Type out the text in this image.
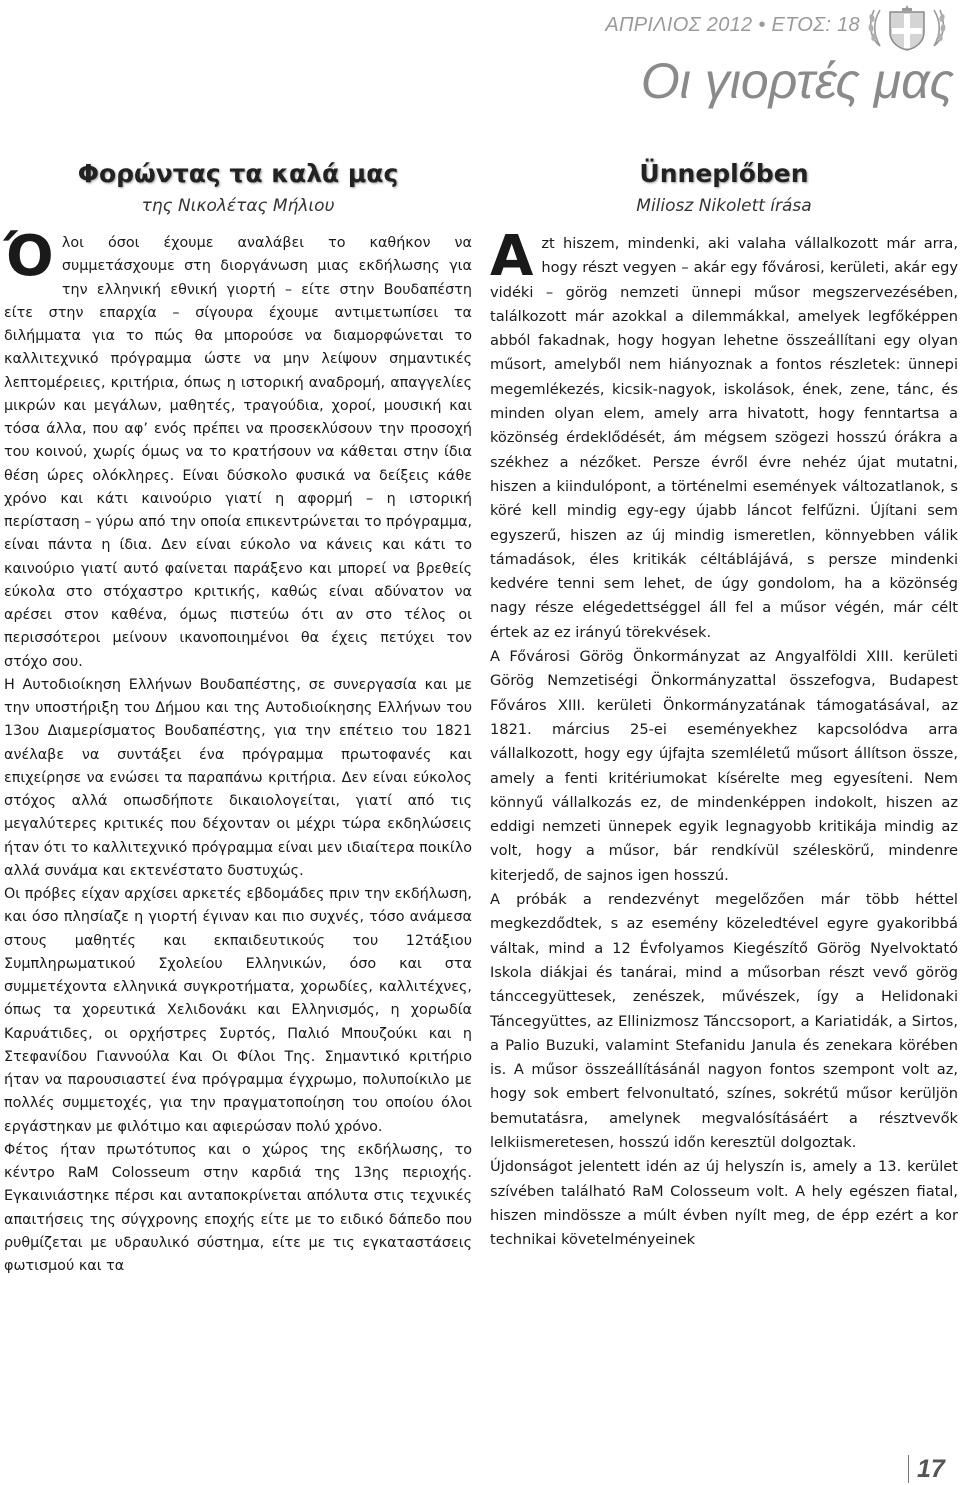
ΑΠΡΙΛΙΟΣ 2012 • ΕΤΟΣ: 18
Οι γιορτές μας
Φορώντας τα καλά μας
της Νικολέτας Μήλιου

Όλοι όσοι έχουμε αναλάβει το καθήκον να συμμετάσχουμε στη διοργάνωση μιας εκδήλωσης για την ελληνική εθνική γιορτή – είτε στην Βουδαπέστη είτε στην επαρχία – σίγουρα έχουμε αντιμετωπίσει τα διλήμματα για το πώς θα μπορούσε να διαμορφώνεται το καλλιτεχνικό πρόγραμμα ώστε να μην λείψουν σημαντικές λεπτομέρειες, κριτήρια, όπως η ιστορική αναδρομή, απαγγελίες μικρών και μεγάλων, μαθητές, τραγούδια, χοροί, μουσική και τόσα άλλα, που αφ’ ενός πρέπει να προσεκλύσουν την προσοχή του κοινού, χωρίς όμως να το κρατήσουν να κάθεται στην ίδια θέση ώρες ολόκληρες. Είναι δύσκολο φυσικά να δείξεις κάθε χρόνο και κάτι καινούριο γιατί η αφορμή – η ιστορική περίσταση – γύρω από την οποία επικεντρώνεται το πρόγραμμα, είναι πάντα η ίδια. Δεν είναι εύκολο να κάνεις και κάτι το καινούριο γιατί αυτό φαίνεται παράξενο και μπορεί να βρεθείς εύκολα στο στόχαστρο κριτικής, καθώς είναι αδύνατον να αρέσει στον καθένα, όμως πιστεύω ότι αν στο τέλος οι περισσότεροι μείνουν ικανοποιημένοι θα έχεις πετύχει τον στόχο σου.

Η Αυτοδιοίκηση Ελλήνων Βουδαπέστης, σε συνεργασία και με την υποστήριξη του Δήμου και της Αυτοδιοίκησης Ελλήνων του 13ου Διαμερίσματος Βουδαπέστης, για την επέτειο του 1821 ανέλαβε να συντάξει ένα πρόγραμμα πρωτοφανές και επιχείρησε να ενώσει τα παραπάνω κριτήρια. Δεν είναι εύκολος στόχος αλλά οπωσδήποτε δικαιολογείται, γιατί από τις μεγαλύτερες κριτικές που δέχονταν οι μέχρι τώρα εκδηλώσεις ήταν ότι το καλλιτεχνικό πρόγραμμα είναι μεν ιδιαίτερα ποικίλο αλλά συνάμα και εκτενέστατο δυστυχώς.

Οι πρόβες είχαν αρχίσει αρκετές εβδομάδες πριν την εκδήλωση, και όσο πλησίαζε η γιορτή έγιναν και πιο συχνές, τόσο ανάμεσα στους μαθητές και εκπαιδευτικούς του 12τάξιου Συμπληρωματικού Σχολείου Ελληνικών, όσο και στα συμμετέχοντα ελληνικά συγκροτήματα, χορωδίες, καλλιτέχνες, όπως τα χορευτικά Χελιδονάκι και Ελληνισμός, η χορωδία Καρυάτιδες, οι ορχήστρες Συρτός, Παλιό Μπουζούκι και η Στεφανίδου Γιαννούλα Και Οι Φίλοι Της. Σημαντικό κριτήριο ήταν να παρουσιαστεί ένα πρόγραμμα έγχρωμο, πολυποίκιλο με πολλές συμμετοχές, για την πραγματοποίηση του οποίου όλοι εργάστηκαν με φιλότιμο και αφιερώσαν πολύ χρόνο.

Φέτος ήταν πρωτότυπος και ο χώρος της εκδήλωσης, το κέντρο RaM Colosseum στην καρδιά της 13ης περιοχής. Εγκαινιάστηκε πέρσι και ανταποκρίνεται απόλυτα στις τεχνικές απαιτήσεις της σύγχρονης εποχής είτε με το ειδικό δάπεδο που ρυθμίζεται με υδραυλικό σύστημα, είτε με τις εγκαταστάσεις φωτισμού και τα

Ünneplőben
Miliosz Nikolett írása

Azt hiszem, mindenki, aki valaha vállalkozott már arra, hogy részt vegyen – akár egy fővárosi, kerületi, akár egy vidéki – görög nemzeti ünnepi műsor megszervezésében, találkozott már azokkal a dilemmákkal, amelyek legfőképpen abból fakadnak, hogy hogyan lehetne összeállítani egy olyan műsort, amelyből nem hiányoznak a fontos részletek: ünnepi megemlékezés, kicsik-nagyok, iskolások, ének, zene, tánc, és minden olyan elem, amely arra hivatott, hogy fenntartsa a közönség érdeklődését, ám mégsem szögezi hosszú órákra a székhez a nézőket. Persze évről évre nehéz újat mutatni, hiszen a kiindulópont, a történelmi események változatlanok, s köré kell mindig egy-egy újabb láncot felfűzni. Újítani sem egyszerű, hiszen az új mindig ismeretlen, könnyebben válik támadások, éles kritikák céltáblájává, s persze mindenki kedvére tenni sem lehet, de úgy gondolom, ha a közönség nagy része elégedettséggel áll fel a műsor végén, már célt értek az ez irányú törekvések.

A Fővárosi Görög Önkormányzat az Angyalföldi XIII. kerületi Görög Nemzetiségi Önkormányzattal összefogva, Budapest Főváros XIII. kerületi Önkormányzatának támogatásával, az 1821. március 25-ei eseményekhez kapcsolódva arra vállalkozott, hogy egy újfajta szemléletű műsort állítson össze, amely a fenti kritériumokat kísérelte meg egyesíteni. Nem könnyű vállalkozás ez, de mindenképpen indokolt, hiszen az eddigi nemzeti ünnepek egyik legnagyobb kritikája mindig az volt, hogy a műsor, bár rendkívül széleskörű, mindenre kiterjedő, de sajnos igen hosszú.

A próbák a rendezvényt megelőzően már több héttel megkezdődtek, s az esemény közeledtével egyre gyakoribbá váltak, mind a 12 Évfolyamos Kiegészítő Görög Nyelvoktató Iskola diákjai és tanárai, mind a műsorban részt vevő görög tánccegyüttesek, zenészek, művészek, így a Helidonaki Táncegyüttes, az Ellinizmosz Tánccsoport, a Kariatidák, a Sirtos, a Palio Buzuki, valamint Stefanidu Janula és zenekara körében is. A műsor összeállításánál nagyon fontos szempont volt az, hogy sok embert felvonultató, színes, sokrétű műsor kerüljön bemutatásra, amelynek megvalósításáért a résztvevők lelkiismeretesen, hosszú időn keresztül dolgoztak.

Újdonságot jelentett idén az új helyszín is, amely a 13. kerület szívében található RaM Colosseum volt. A hely egészen fiatal, hiszen mindössze a múlt évben nyílt meg, de épp ezért a kor technikai követelményeinek

17
